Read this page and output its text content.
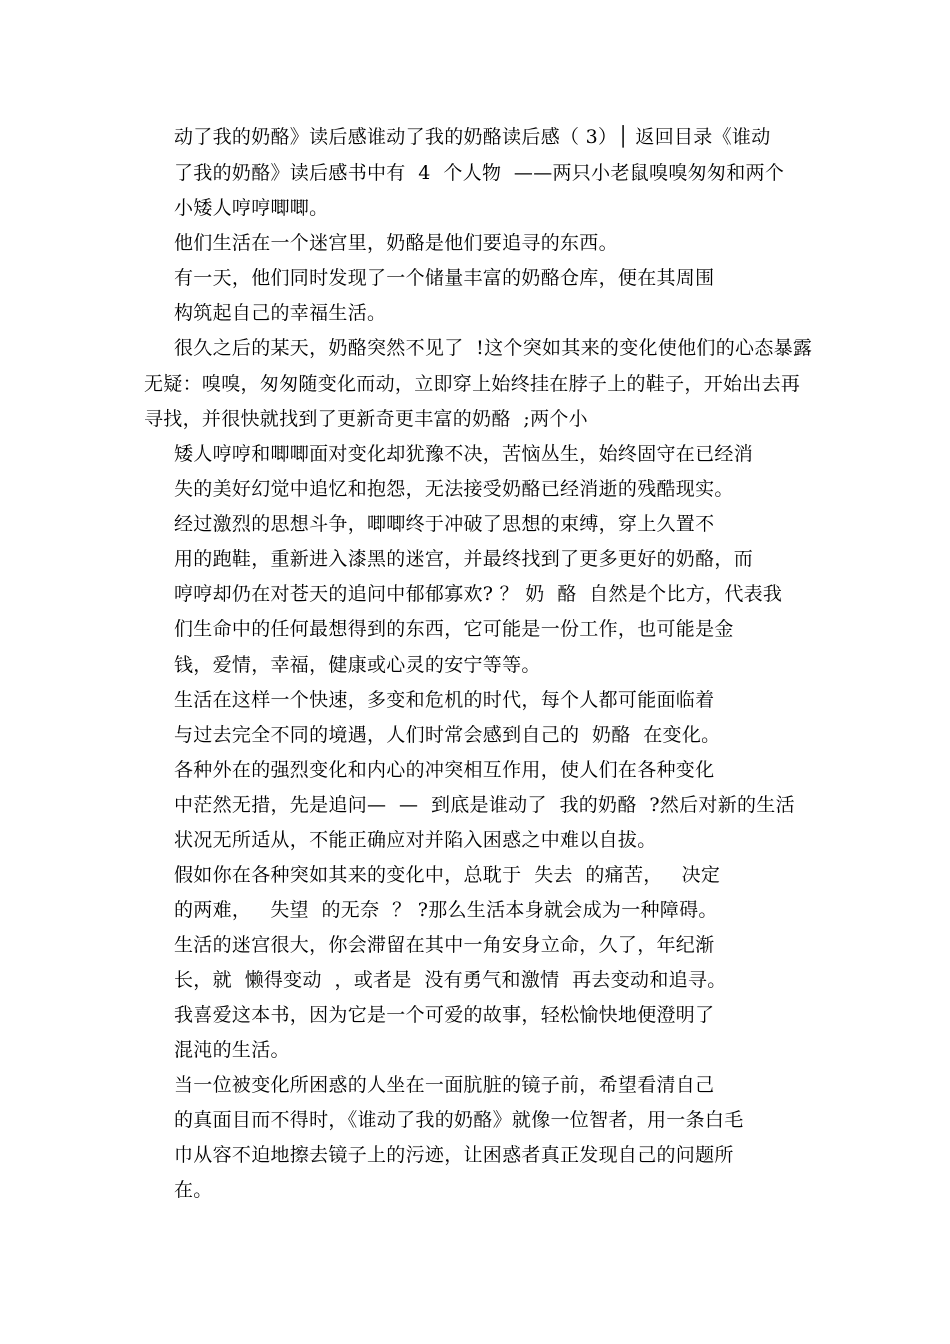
动了我的奶酪》读后感谁动了我的奶酪读后感（ 3）│ 返回目录《谁动

了我的奶酪》读后感书中有  4  个人物  ——两只小老鼠嗅嗅匆匆和两个

小矮人哼哼唧唧。

他们生活在一个迷宫里，奶酪是他们要追寻的东西。

有一天，他们同时发现了一个储量丰富的奶酪仓库，便在其周围

构筑起自己的幸福生活。

很久之后的某天，奶酪突然不见了  !这个突如其来的变化使他们的心态暴露

无疑：嗅嗅，匆匆随变化而动，立即穿上始终挂在脖子上的鞋子，开始出去再

寻找，并很快就找到了更新奇更丰富的奶酪  ;两个小

矮人哼哼和唧唧面对变化却犹豫不决，苦恼丛生，始终固守在已经消

失的美好幻觉中追忆和抱怨，无法接受奶酪已经消逝的残酷现实。

经过激烈的思想斗争，唧唧终于冲破了思想的束缚，穿上久置不

用的跑鞋，重新进入漆黑的迷宫，并最终找到了更多更好的奶酪，而

哼哼却仍在对苍天的追问中郁郁寡欢? ？ 奶  酪  自然是个比方，代表我

们生命中的任何最想得到的东西，它可能是一份工作，也可能是金

钱，爱情，幸福，健康或心灵的安宁等等。

生活在这样一个快速，多变和危机的时代，每个人都可能面临着

与过去完全不同的境遇，人们时常会感到自己的  奶酪  在变化。

各种外在的强烈变化和内心的冲突相互作用，使人们在各种变化

中茫然无措，先是追问—  —  到底是谁动了  我的奶酪  ?然后对新的生活

状况无所适从，不能正确应对并陷入困惑之中难以自拔。

假如你在各种突如其来的变化中，总耽于  失去  的痛苦，   决定

的两难，   失望  的无奈  ？ ?那么生活本身就会成为一种障碍。

生活的迷宫很大，你会滞留在其中一角安身立命，久了，年纪渐

长，就  懒得变动  ，或者是  没有勇气和激情  再去变动和追寻。

我喜爱这本书，因为它是一个可爱的故事，轻松愉快地便澄明了

混沌的生活。

当一位被变化所困惑的人坐在一面肮脏的镜子前，希望看清自己

的真面目而不得时，《谁动了我的奶酪》就像一位智者，用一条白毛

巾从容不迫地擦去镜子上的污迹，让困惑者真正发现自己的问题所

在。
